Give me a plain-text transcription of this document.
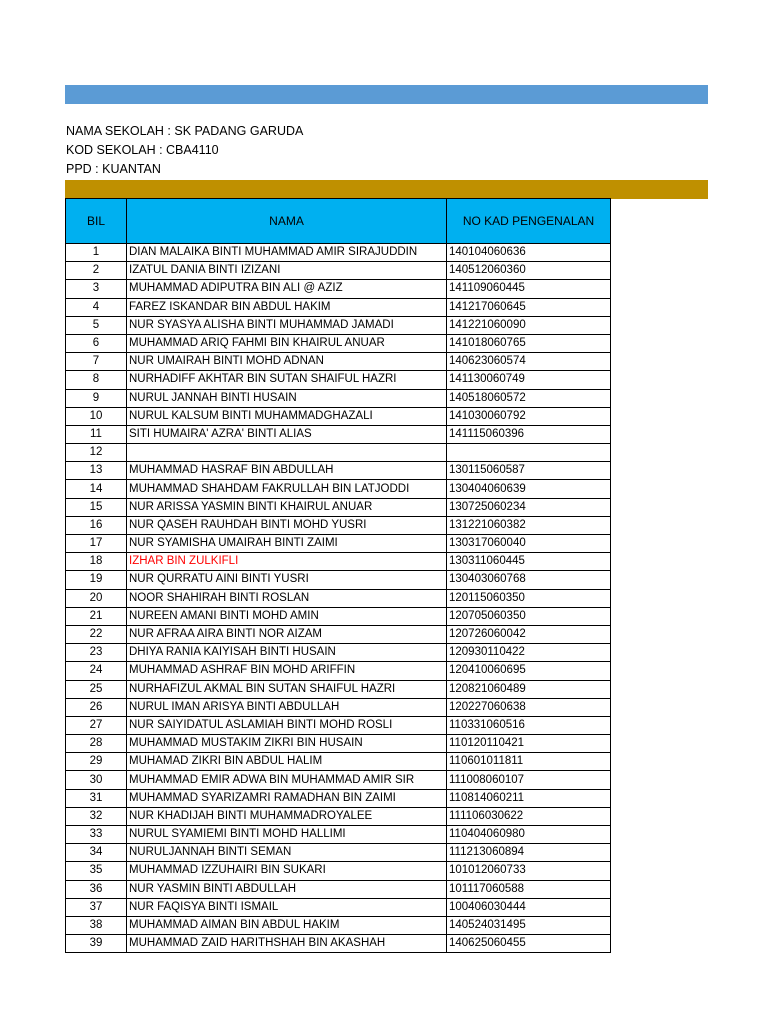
NAMA SEKOLAH : SK PADANG GARUDA
KOD SEKOLAH : CBA4110
PPD : KUANTAN
BIL	NAMA	NO KAD PENGENALAN
1	DIAN MALAIKA BINTI MUHAMMAD AMIR SIRAJUDDIN	140104060636
2	IZATUL DANIA BINTI IZIZANI	140512060360
3	MUHAMMAD ADIPUTRA BIN ALI @ AZIZ	141109060445
4	FAREZ ISKANDAR BIN ABDUL HAKIM	141217060645
5	NUR SYASYA ALISHA BINTI MUHAMMAD JAMADI	141221060090
6	MUHAMMAD ARIQ FAHMI BIN KHAIRUL ANUAR	141018060765
7	NUR UMAIRAH BINTI MOHD ADNAN	140623060574
8	NURHADIFF AKHTAR BIN SUTAN SHAIFUL HAZRI	141130060749
9	NURUL JANNAH BINTI HUSAIN	140518060572
10	NURUL KALSUM BINTI MUHAMMADGHAZALI	141030060792
11	SITI HUMAIRA' AZRA' BINTI ALIAS	141115060396
12		
13	MUHAMMAD HASRAF BIN ABDULLAH	130115060587
14	MUHAMMAD SHAHDAM FAKRULLAH BIN LATJODDI	130404060639
15	NUR ARISSA YASMIN BINTI KHAIRUL ANUAR	130725060234
16	NUR QASEH RAUHDAH BINTI MOHD YUSRI	131221060382
17	NUR SYAMISHA UMAIRAH BINTI ZAIMI	130317060040
18	IZHAR BIN ZULKIFLI	130311060445
19	NUR QURRATU AINI BINTI YUSRI	130403060768
20	NOOR SHAHIRAH BINTI ROSLAN	120115060350
21	NUREEN AMANI BINTI MOHD AMIN	120705060350
22	NUR AFRAA AIRA BINTI NOR AIZAM	120726060042
23	DHIYA RANIA KAIYISAH BINTI HUSAIN	120930110422
24	MUHAMMAD ASHRAF BIN MOHD ARIFFIN	120410060695
25	NURHAFIZUL AKMAL BIN SUTAN SHAIFUL HAZRI	120821060489
26	NURUL IMAN ARISYA BINTI ABDULLAH	120227060638
27	NUR SAIYIDATUL ASLAMIAH BINTI MOHD ROSLI	110331060516
28	MUHAMMAD MUSTAKIM ZIKRI BIN HUSAIN	110120110421
29	MUHAMAD ZIKRI BIN ABDUL HALIM	110601011811
30	MUHAMMAD EMIR ADWA BIN MUHAMMAD AMIR SIR	111008060107
31	MUHAMMAD SYARIZAMRI RAMADHAN BIN ZAIMI	110814060211
32	NUR KHADIJAH BINTI MUHAMMADROYALEE	111106030622
33	NURUL SYAMIEMI BINTI MOHD HALLIMI	110404060980
34	NURULJANNAH BINTI SEMAN	111213060894
35	MUHAMMAD IZZUHAIRI BIN SUKARI	101012060733
36	NUR YASMIN BINTI ABDULLAH	101117060588
37	NUR FAQISYA BINTI ISMAIL	100406030444
38	MUHAMMAD AIMAN BIN ABDUL HAKIM	140524031495
39	MUHAMMAD ZAID HARITHSHAH BIN AKASHAH	140625060455
